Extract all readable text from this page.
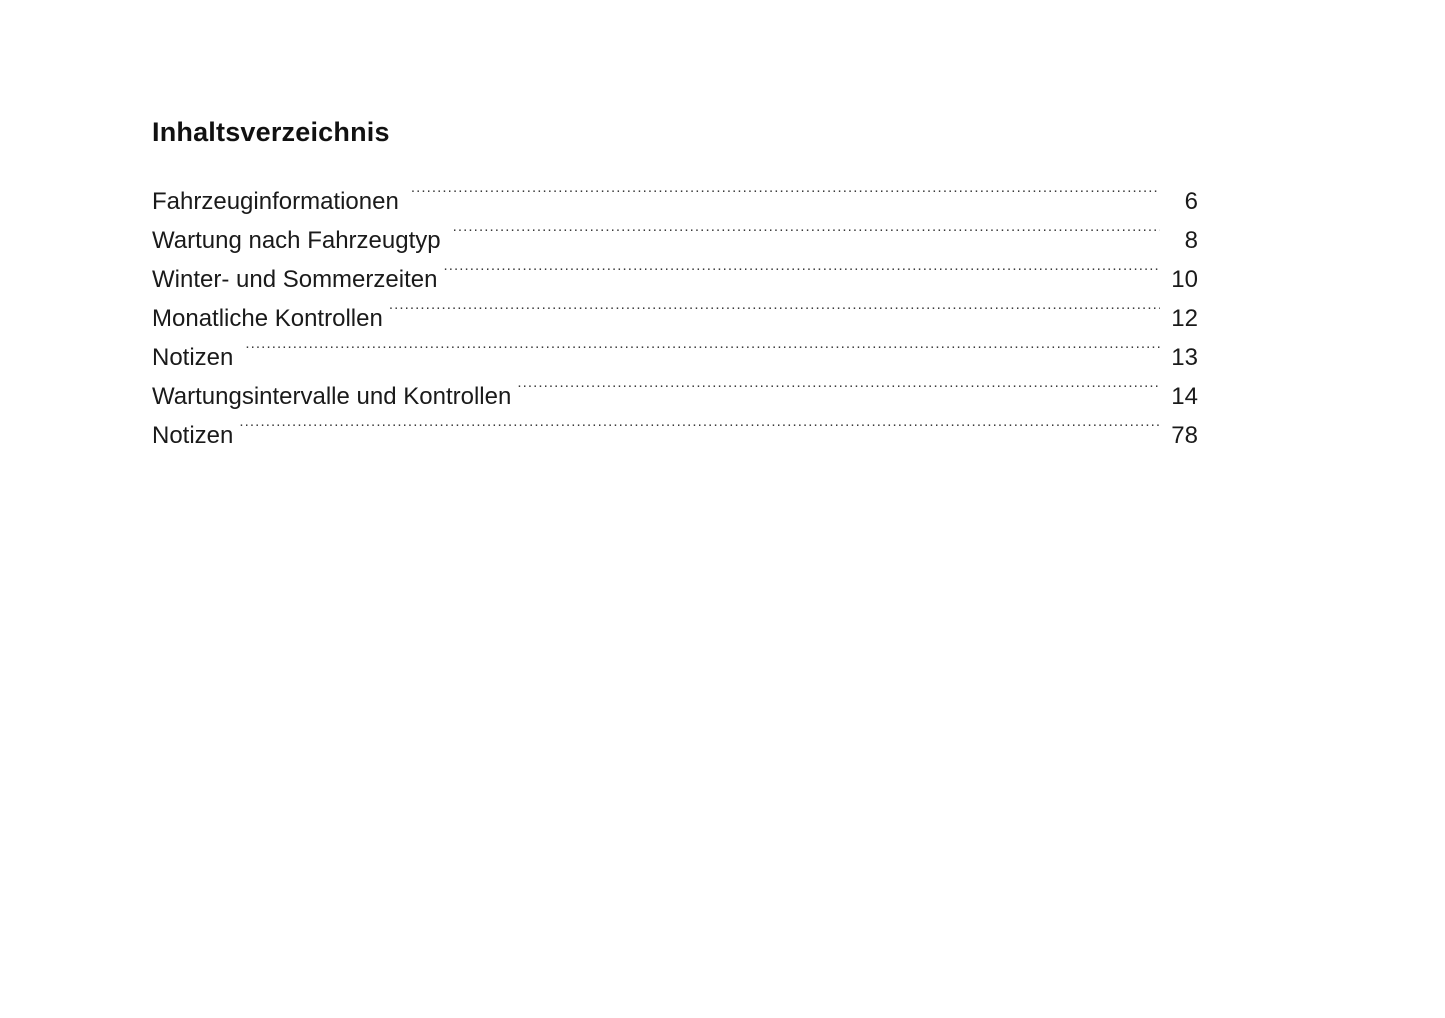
Inhaltsverzeichnis
Fahrzeuginformationen .....	6
Wartung nach Fahrzeugtyp .....	8
Winter- und Sommerzeiten .....	10
Monatliche Kontrollen .....	12
Notizen .....	13
Wartungsintervalle und Kontrollen .....	14
Notizen .....	78
